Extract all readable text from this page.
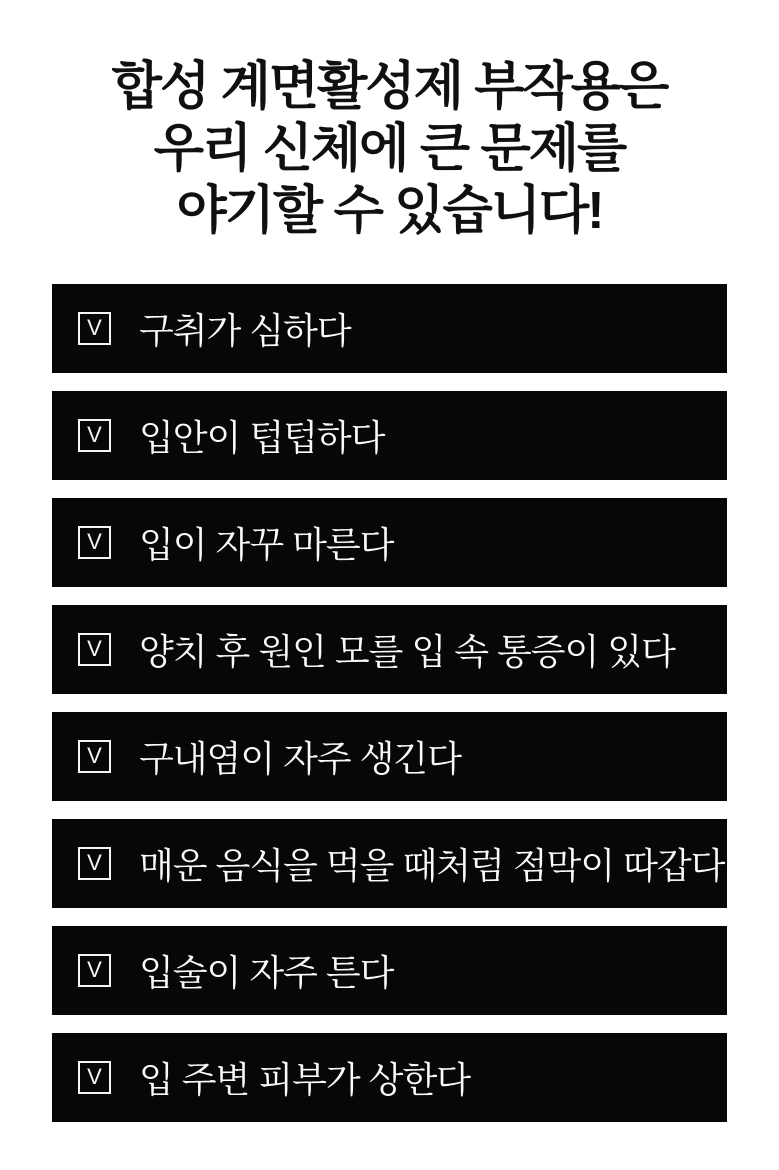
합성 계면활성제 부작용은
우리 신체에 큰 문제를
야기할 수 있습니다!
V 구취가 심하다
V 입안이 텁텁하다
V 입이 자꾸 마른다
V 양치 후 원인 모를 입 속 통증이 있다
V 구내염이 자주 생긴다
V 매운 음식을 먹을 때처럼 점막이 따갑다
V 입술이 자주 튼다
V 입 주변 피부가 상한다
